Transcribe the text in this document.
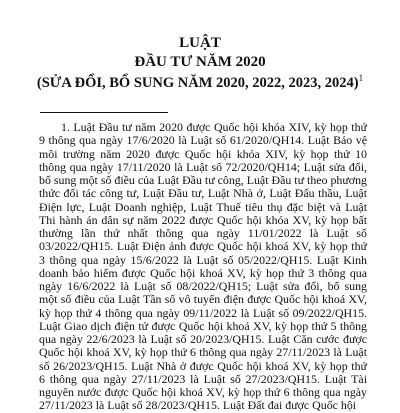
LUẬT
ĐẦU TƯ NĂM 2020
(SỬA ĐỔI, BỔ SUNG NĂM 2020, 2022, 2023, 2024)$^1$

1. Luật Đầu tư năm 2020 được Quốc hội khóa XIV, kỳ họp thứ 9 thông qua ngày 17/6/2020 là Luật số 61/2020/QH14. Luật Bảo vệ môi trường năm 2020 được Quốc hội khóa XIV, kỳ họp thứ 10 thông qua ngày 17/11/2020 là Luật số 72/2020/QH14; Luật sửa đổi, bổ sung một số điều của Luật Đầu tư công, Luật Đầu tư theo phương thức đối tác công tư, Luật Đầu tư, Luật Nhà ở, Luật Đấu thầu, Luật Điện lực, Luật Doanh nghiệp, Luật Thuế tiêu thụ đặc biệt và Luật Thi hành án dân sự năm 2022 được Quốc hội khóa XV, kỳ họp bất thường lần thứ nhất thông qua ngày 11/01/2022 là Luật số 03/2022/QH15. Luật Điện ảnh được Quốc hội khoá XV, kỳ họp thứ 3 thông qua ngày 15/6/2022 là Luật số 05/2022/QH15. Luật Kinh doanh bảo hiểm được Quốc hội khoá XV, kỳ họp thứ 3 thông qua ngày 16/6/2022 là Luật số 08/2022/QH15; Luật sửa đổi, bổ sung một số điều của Luật Tần số vô tuyến điện được Quốc hội khoá XV, kỳ họp thứ 4 thông qua ngày 09/11/2022 là Luật số 09/2022/QH15. Luật Giao dịch điện tử được Quốc hội khoá XV, kỳ họp thứ 5 thông qua ngày 22/6/2023 là Luật số 20/2023/QH15. Luật Căn cước được Quốc hội khoá XV, kỳ họp thứ 6 thông qua ngày 27/11/2023 là Luật số 26/2023/QH15. Luật Nhà ở được Quốc hội khoá XV, kỳ họp thứ 6 thông qua ngày 27/11/2023 là Luật số 27/2023/QH15. Luật Tài nguyên nước được Quốc hội khoá XV, kỳ họp thứ 6 thông qua ngày 27/11/2023 là Luật số 28/2023/QH15. Luật Đất đai được Quốc hội
